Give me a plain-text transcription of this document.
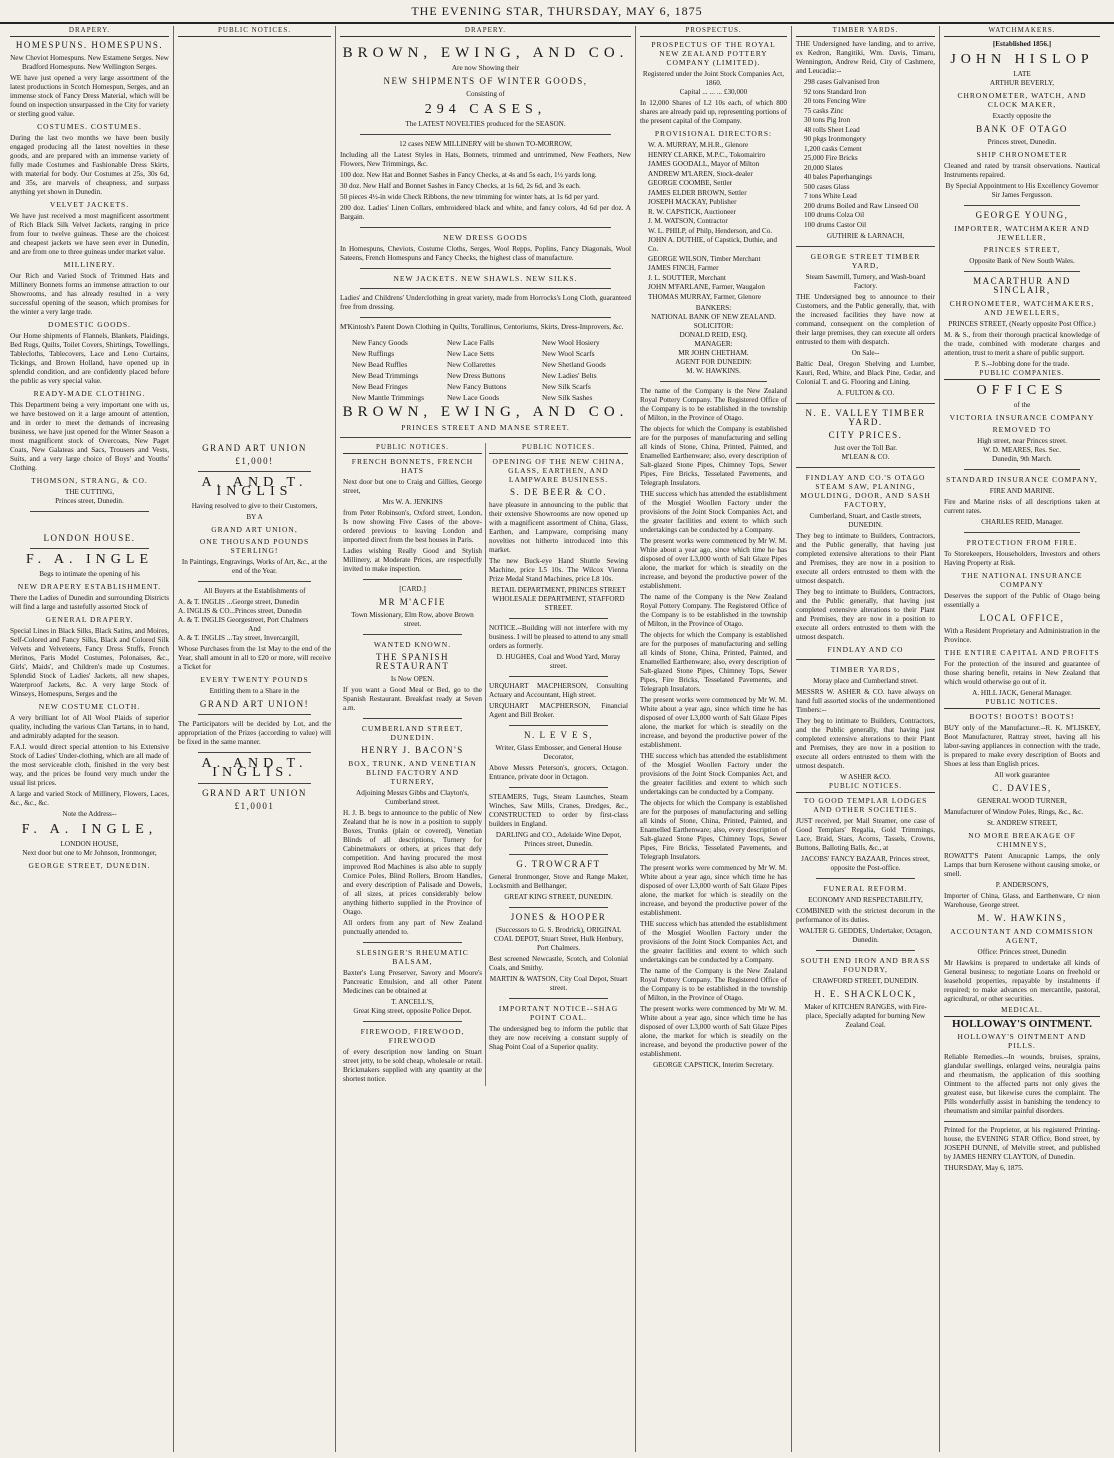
THE EVENING STAR, THURSDAY, MAY 6, 1875
DRAPERY.
HOMESPUNS. HOMESPUNS.

New Cheviot Homespuns. New Estamene Serges. New Bradford Homespuns. New Wellington Serges.

WE have just opened a very large assortment of the latest productions in Scotch Homespun, Serges, and an immense stock of Fancy Dress Material, which will be found on inspection unsurpassed in the City for variety or sterling good value.

COSTUMES. COSTUMES.

During the last two months we have been busily engaged producing all the latest novelties in these goods, and are prepared with an immense variety of fully made Costumes and Fashionable Dress Skirts, with material for body. Our Costumes at 25s, 30s 6d, and 35s, are marvels of cheapness, and surpass anything yet shown in Dunedin.

VELVET JACKETS.

We have just received a most magnificent assortment of Rich Black Silk Velvet Jackets, ranging in price from four to twelve guineas. These are the choicest and cheapest jackets we have seen ever in Dunedin, and are from one to three guineas under market value.

MILLINERY.

Our Rich and Varied Stock of Trimmed Hats and Millinery Bonnets forms an immense attraction to our Showrooms, and has already resulted in a very successful opening of the season, which promises for the winter a very large trade.

DOMESTIC GOODS.

Our Home shipments of Flannels, Blankets, Plaidings, Bed Rugs, Quilts, Toilet Covers, Shirtings, Towellings, Tablecloths, Tablecovers, Lace and Leno Curtains, Tickings, and Brown Holland, have opened up in splendid condition, and are confidently placed before the public as very special value.

READY-MADE CLOTHING.

This Department being a very important one with us, we have bestowed on it a large amount of attention, and in order to meet the demands of increasing business, we have just opened for the Winter Season a most magnificent stock of Overcoats, New Paget Coats, New Galateas and Sacs, Trousers and Vests, Suits, and a very large choice of Boys' and Youths' Clothing.

THOMSON, STRANG, & CO.
THE CUTTING,
Princes street, Dunedin.
LONDON HOUSE.
F. A. INGLE
Begs to intimate the opening of his
NEW DRAPERY ESTABLISHMENT.

There the Ladies of Dunedin and surrounding Districts will find a large and tastefully assorted Stock of

GENERAL DRAPERY.

Special Lines in Black Silks, Black Satins, and Moires, Self-Colored and Fancy Silks, Black and Colored Silk Velvets and Velveteens, Fancy Dress Stuffs, French Merinos, Paris Model Costumes, Polonaises, &c., Girls', Maids', and Children's made up Costumes. Splendid Stock of Ladies' Jackets, all new shapes, Waterproof Jackets, &c. A very large Stock of Winseys, Homespuns, Serges and the

NEW COSTUME CLOTH.

A very brilliant lot of All Wool Plaids of superior quality, including the various Clan Tartans, in to hand, and admirably adapted for the season.

F.A.I. would direct special attention to his Extensive Stock of Ladies' Under-clothing, which are all made of the most serviceable cloth, finished in the very best way, and the prices be found very much under the usual list prices.

A large and varied Stock of Millinery, Flowers, Laces, &c., &c., &c.

Note the Address--
F. A. INGLE,
LONDON HOUSE,
Next door but one to Mr Johnson, Ironmonger,
GEORGE STREET, DUNEDIN.
PUBLIC NOTICES.
GRAND ART UNION
£1,000!
A. AND T. INGLIS

Having resolved to give to their Customers,

BY A
GRAND ART UNION,
ONE THOUSAND POUNDS STERLING!

In Paintings, Engravings, Works of Art, &c., at the end of the Year.

All Buyers at the Establishments of

A. & T. INGLIS ...George street, Dunedin
A. INGLIS & CO...Princes street, Dunedin
A. & T. INGLIS Georgestreet, Port Chalmers
And
A. & T. INGLIS ...Tay street, Invercargill,

Whose Purchases from the 1st May to the end of the Year, shall amount in all to £20 or more, will receive a Ticket for

EVERY TWENTY POUNDS

Entitling them to a Share in the

GRAND ART UNION!

The Participators will be decided by Lot, and the appropriation of the Prizes (according to value) will be fixed in the same manner.

A. AND T. INGLIS.
GRAND ART UNION
£1,0001
DRAPERY.
BROWN, EWING, AND CO.
Are now Showing their
NEW SHIPMENTS OF WINTER GOODS,
Consisting of
294 CASES,
The LATEST NOVELTIES produced for the SEASON.

12 cases NEW MILLINERY will be shown TO-MORROW,

Including all the Latest Styles in Hats, Bonnets, trimmed and untrimmed, New Feathers, New Flowers, New Trimmings, &c.

100 doz. New Hat and Bonnet Sashes in Fancy Checks, at 4s and 5s each, 1½ yards long.

30 doz. New Half and Bonnet Sashes in Fancy Checks, at 1s 6d, 2s 6d, and 3s each.

50 pieces 4½-in wide Check Ribbons, the new trimming for winter hats, at 1s 6d per yard.

200 doz. Ladies' Linen Collars, embroidered black and white, and fancy colors, 4d 6d per doz. A Bargain.

NEW DRESS GOODS

In Homespuns, Cheviots, Costume Cloths, Serges, Wool Repps, Poplins, Fancy Diagonals, Wool Sateens, French Homespuns and Fancy Checks, the highest class of manufacture.

NEW JACKETS. NEW SHAWLS. NEW SILKS.

Ladies' and Childrens' Underclothing in great variety, made from Horrocks's Long Cloth, guaranteed free from dressing.

M'Kintosh's Patent Down Clothing in Quilts, Torallinus, Centoriums, Skirts, Dress-Improvers, &c.

New Fancy Goods	New Lace Falls	New Wool Hosiery
New Ruffings	New Lace Setts	New Wool Scarfs
New Bead Ruffles	New Collarettes	New Shetland Goods
New Bead Trimmings	New Dress Buttons	New Ladies' Belts
New Bead Fringes	New Fancy Buttons	New Silk Scarfs
New Mantle Trimmings	New Lace Goods	New Silk Sashes
BROWN, EWING, AND CO.
PRINCES STREET AND MANSE STREET.
PUBLIC NOTICES.
FRENCH BONNETS, FRENCH HATS

Next door but one to Craig and Gillies, George street,

Mrs W. A. JENKINS

from Peter Robinson's, Oxford street, London, Is now showing Five Cases of the above-ordered previous to leaving London and imported direct from the best houses in Paris.

Ladies wishing Really Good and Stylish Millinery, at Moderate Prices, are respectfully invited to make inspection.

[CARD.]
MR M'ACFIE
Town Missionary, Elm Row, above Brown street.
WANTED KNOWN.
THE SPANISH RESTAURANT
Is Now OPEN.

If you want a Good Meal or Bed, go to the Spanish Restaurant. Breakfast ready at Seven a.m.

CUMBERLAND STREET, DUNEDIN.
HENRY J. BACON'S
BOX, TRUNK, AND VENETIAN BLIND FACTORY AND TURNERY,
Adjoining Messrs Gibbs and Clayton's, Cumberland street.

H. J. B. begs to announce to the public of New Zealand that he is now in a position to supply Boxes, Trunks (plain or covered), Venetian Blinds of all descriptions, Turnery for Cabinetmakers or others, at prices that defy competition. And having procured the most improved Rod Machines is also able to supply Cornice Poles, Blind Rollers, Broom Handles, and every description of Palisade and Dowels, of all sizes, at prices considerably below anything hitherto supplied in the Province of Otago.

All orders from any part of New Zealand punctually attended to.

SLESINGER'S RHEUMATIC BALSAM,

Baxter's Lung Preserver, Savory and Moore's Pancreatic Emulsion, and all other Patent Medicines can be obtained at

T. ANCELL'S,
Great King street, opposite Police Depot.
FIREWOOD, FIREWOOD, FIREWOOD

of every description now landing on Stuart street jetty, to be sold cheap, wholesale or retail. Brickmakers supplied with any quantity at the shortest notice.

PUBLIC NOTICES.
OPENING OF THE NEW CHINA, GLASS, EARTHEN, AND LAMPWARE BUSINESS.
S. DE BEER & CO.

have pleasure in announcing to the public that their extensive Showrooms are now opened up with a magnificent assortment of China, Glass, Earthen, and Lampware, comprising many novelties not hitherto introduced into this market.

The new Buck-eye Hand Shuttle Sewing Machine, price L5 10s. The Wilcox Vienna Prize Medal Stand Machines, price L8 10s.

RETAIL DEPARTMENT, PRINCES STREET
WHOLESALE DEPARTMENT, STAFFORD STREET.

NOTICE.--Building will not interfere with my business. I will be pleased to attend to any small orders as formerly.

D. HUGHES, Coal and Wood Yard, Moray street.

URQUHART MACPHERSON, Consulting Actuary and Accountant, High street.

URQUHART MACPHERSON, Financial Agent and Bill Broker.

N. L E V E S,
Writer, Glass Embosser, and General House Decorator,

Above Messrs Peterson's, grocers, Octagon. Entrance, private door in Octagon.

STEAMERS, Tugs, Steam Launches, Steam Winches, Saw Mills, Cranes, Dredges, &c., CONSTRUCTED to order by first-class builders in England.

DARLING and CO., Adelaide Wine Depot, Princes street, Dunedin.
G. TROWCRAFT

General Ironmonger, Stove and Range Maker, Locksmith and Bellhanger,

GREAT KING STREET, DUNEDIN.
JONES & HOOPER

(Successors to G. S. Brodrick), ORIGINAL COAL DEPOT, Stuart Street, Hulk Henbury, Port Chalmers.

Best screened Newcastle, Scotch, and Colonial Coals, and Smithy.

MARTIN & WATSON, City Coal Depot, Stuart street.
IMPORTANT NOTICE--SHAG POINT COAL.

The undersigned beg to inform the public that they are now receiving a constant supply of Shag Point Coal of a Superior quality.

PROSPECTUS.
PROSPECTUS OF THE ROYAL NEW ZEALAND POTTERY COMPANY (LIMITED).
Registered under the Joint Stock Companies Act, 1860.
Capital ... ... ... £30,000

In 12,000 Shares of L2 10s each, of which 800 shares are already paid up, representing portions of the present capital of the Company.

PROVISIONAL DIRECTORS:
W. A. MURRAY, M.H.R., Glenore
HENRY CLARKE, M.P.C., Tokomairiro
JAMES GOODALL, Mayor of Milton
ANDREW M'LAREN, Stock-dealer
GEORGE COOMBE, Settler
JAMES ELDER BROWN, Settler
JOSEPH MACKAY, Publisher
R. W. CAPSTICK, Auctioneer
J. M. WATSON, Contractor
W. L. PHILP, of Philp, Henderson, and Co.
JOHN A. DUTHIE, of Capstick, Duthie, and Co.
GEORGE WILSON, Timber Merchant
JAMES FINCH, Farmer
J. L. SOUTTER, Merchant
JOHN M'FARLANE, Farmer, Waugalon
THOMAS MURRAY, Farmer, Glenore
BANKERS:
NATIONAL BANK OF NEW ZEALAND.
SOLICITOR:
DONALD REID, ESQ.
MANAGER:
MR JOHN CHETHAM.
AGENT FOR DUNEDIN:
M. W. HAWKINS.

The name of the Company is the New Zealand Royal Pottery Company. The Registered Office of the Company is to be established in the township of Milton, in the Province of Otago.

The objects for which the Company is established are for the purposes of manufacturing and selling all kinds of Stone, China, Printed, Painted, and Enamelled Earthenware; also, every description of Salt-glazed Stone Pipes, Chimney Tops, Sewer Pipes, Fire Bricks, Tesselated Pavements, and Telegraph Insulators.

THE success which has attended the establishment of the Mosgiel Woollen Factory under the provisions of the Joint Stock Companies Act, and the greater facilities and extent to which such undertakings can be conducted by a Company.

The present works were commenced by Mr W. M. White about a year ago, since which time he has disposed of over L3,000 worth of Salt Glaze Pipes alone, the market for which is steadily on the increase, and beyond the productive power of the establishment.

The name of the Company is the New Zealand Royal Pottery Company. The Registered Office of the Company is to be established in the township of Milton, in the Province of Otago.

The objects for which the Company is established are for the purposes of manufacturing and selling all kinds of Stone, China, Printed, Painted, and Enamelled Earthenware; also, every description of Salt-glazed Stone Pipes, Chimney Tops, Sewer Pipes, Fire Bricks, Tesselated Pavements, and Telegraph Insulators.

The present works were commenced by Mr W. M. White about a year ago, since which time he has disposed of over L3,000 worth of Salt Glaze Pipes alone, the market for which is steadily on the increase, and beyond the productive power of the establishment.

THE success which has attended the establishment of the Mosgiel Woollen Factory under the provisions of the Joint Stock Companies Act, and the greater facilities and extent to which such undertakings can be conducted by a Company.

The objects for which the Company is established are for the purposes of manufacturing and selling all kinds of Stone, China, Printed, Painted, and Enamelled Earthenware; also, every description of Salt-glazed Stone Pipes, Chimney Tops, Sewer Pipes, Fire Bricks, Tesselated Pavements, and Telegraph Insulators.

The present works were commenced by Mr W. M. White about a year ago, since which time he has disposed of over L3,000 worth of Salt Glaze Pipes alone, the market for which is steadily on the increase, and beyond the productive power of the establishment.

THE success which has attended the establishment of the Mosgiel Woollen Factory under the provisions of the Joint Stock Companies Act, and the greater facilities and extent to which such undertakings can be conducted by a Company.

The name of the Company is the New Zealand Royal Pottery Company. The Registered Office of the Company is to be established in the township of Milton, in the Province of Otago.

The present works were commenced by Mr W. M. White about a year ago, since which time he has disposed of over L3,000 worth of Salt Glaze Pipes alone, the market for which is steadily on the increase, and beyond the productive power of the establishment.

GEORGE CAPSTICK, Interim Secretary.
TIMBER YARDS.

THE Undersigned have landing, and to arrive, ex Kedron, Rangitiki, Wm. Davis, Timaru, Wennington, Andrew Reid, City of Cashmere, and Leucadia:--

298 cases Galvanised Iron
92 tons Standard Iron
20 tons Fencing Wire
75 casks Zinc
30 tons Pig Iron
48 rolls Sheet Lead
90 pkgs Ironmongery
1,200 casks Cement
25,000 Fire Bricks
20,000 Slates
40 bales Paperhangings
500 cases Glass
7 tons White Lead
200 drums Boiled and Raw Linseed Oil
100 drums Colza Oil
100 drums Castor Oil
GUTHRIE & LARNACH,
GEORGE STREET TIMBER YARD,
Steam Sawmill, Turnery, and Wash-board Factory.

THE Undersigned beg to announce to their Customers, and the Public generally, that, with the increased facilities they have now at command, consequent on the completion of their large premises, they can execute all orders entrusted to them with despatch.

On Sale--

Baltic Deal, Oregon Shelving and Lumber, Kauri, Red, White, and Black Pine, Cedar, and Colonial T. and G. Flooring and Lining.

A. FULTON & CO.
N. E. VALLEY TIMBER YARD.
CITY PRICES.
Just over the Toll Bar.
M'LEAN & CO.
FINDLAY AND CO.'S OTAGO STEAM SAW, PLANING, MOULDING, DOOR, AND SASH FACTORY,
Cumberland, Stuart, and Castle streets, DUNEDIN.

They beg to intimate to Builders, Contractors, and the Public generally, that having just completed extensive alterations to their Plant and Premises, they are now in a position to execute all orders entrusted to them with the utmost despatch.

They beg to intimate to Builders, Contractors, and the Public generally, that having just completed extensive alterations to their Plant and Premises, they are now in a position to execute all orders entrusted to them with the utmost despatch.

FINDLAY AND CO
TIMBER YARDS,
Moray place and Cumberland street.

MESSRS W. ASHER & CO. have always on hand full assorted stocks of the undermentioned Timbers:--

They beg to intimate to Builders, Contractors, and the Public generally, that having just completed extensive alterations to their Plant and Premises, they are now in a position to execute all orders entrusted to them with the utmost despatch.

W ASHER &CO.
PUBLIC NOTICES.
TO GOOD TEMPLAR LODGES AND OTHER SOCIETIES.

JUST received, per Mail Steamer, one case of Good Templars' Regalia, Gold Trimmings, Lace, Braid, Stars, Acorns, Tassels, Crowns, Buttons, Balloting Balls, &c., at

JACOBS' FANCY BAZAAR, Princes street, opposite the Post-office.
FUNERAL REFORM.
ECONOMY AND RESPECTABILITY,

COMBINED with the strictest decorum in the performance of its duties.

WALTER G. GEDDES, Undertaker, Octagon, Dunedin.
SOUTH END IRON AND BRASS FOUNDRY,
CRAWFORD STREET, DUNEDIN.
H. E. SHACKLOCK,

Maker of KITCHEN RANGES, with Fire-place, Specially adapted for burning New Zealand Coal.

WATCHMAKERS.
[Established 1856.]
JOHN HISLOP
LATE
ARTHUR BEVERLY,
CHRONOMETER, WATCH, AND CLOCK MAKER,
Exactly opposite the
BANK OF OTAGO
Princes street, Dunedin.
SHIP CHRONOMETER

Cleaned and rated by transit observations. Nautical Instruments repaired.

By Special Appointment to His Excellency Governor Sir James Fergusson.

GEORGE YOUNG,
IMPORTER, WATCHMAKER AND JEWELLER,
PRINCES STREET,
Opposite Bank of New South Wales.
MACARTHUR AND SINCLAIR,
CHRONOMETER, WATCHMAKERS, AND JEWELLERS,
PRINCES STREET, (Nearly opposite Post Office.)

M. & S., from their thorough practical knowledge of the trade, combined with moderate charges and attention, trust to merit a share of public support.

P. S.--Jobbing done for the trade.
PUBLIC COMPANIES.
OFFICES
of the
VICTORIA INSURANCE COMPANY
REMOVED TO
High street, near Princes street.
W. D. MEARES, Res. Sec.
Dunedin, 9th March.
STANDARD INSURANCE COMPANY,
FIRE AND MARINE.

Fire and Marine risks of all descriptions taken at current rates.

CHARLES REID, Manager.
PROTECTION FROM FIRE.

To Storekeepers, Householders, Investors and others Having Property at Risk.

THE NATIONAL INSURANCE COMPANY

Deserves the support of the Public of Otago being essentially a

LOCAL OFFICE,

With a Resident Proprietary and Administration in the Province.

THE ENTIRE CAPITAL AND PROFITS

For the protection of the insured and guarantee of those sharing benefit, retains in New Zealand that which would otherwise go out of it.

A. HILL JACK, General Manager.
PUBLIC NOTICES.
BOOTS! BOOTS! BOOTS!

BUY only of the Manufacturer.--R. K. M'LISKEY, Boot Manufacturer, Rattray street, having all his labor-saving appliances in connection with the trade, is prepared to make every description of Boots and Shoes at less than English prices.

All work guarantee
C. DAVIES,
GENERAL WOOD TURNER,

Manufacturer of Window Poles, Rings, &c., &c.

St. ANDREW STREET,
NO MORE BREAKAGE OF CHIMNEYS,

ROWATT'S Patent Anucapnic Lamps, the only Lamps that burn Kerosene without causing smoke, or smell.

P. ANDERSON'S,

Importer of China, Glass, and Earthenware, Cr nion Warehouse, George street.

M. W. HAWKINS,
ACCOUNTANT AND COMMISSION AGENT,
Office: Princes street, Dunedin

Mr Hawkins is prepared to undertake all kinds of General business; to negotiate Loans on freehold or leasehold properties, repayable by instalments if required; to make advances on mercantile, pastoral, agricultural, or other securities.

MEDICAL.
HOLLOWAY'S OINTMENT.
HOLLOWAY'S OINTMENT AND PILLS.

Reliable Remedies.--In wounds, bruises, sprains, glandular swellings, enlarged veins, neuralgia pains and rheumatism, the application of this soothing Ointment to the affected parts not only gives the greatest ease, but likewise cures the complaint. The Pills wonderfully assist in banishing the tendency to rheumatism and similar painful disorders.

Printed for the Proprietor, at his registered Printing-house, the EVENING STAR Office, Bond street, by JOSEPH DUNNE, of Melville street, and published by JAMES HENRY CLAYTON, of Dunedin.

THURSDAY, May 6, 1875.
